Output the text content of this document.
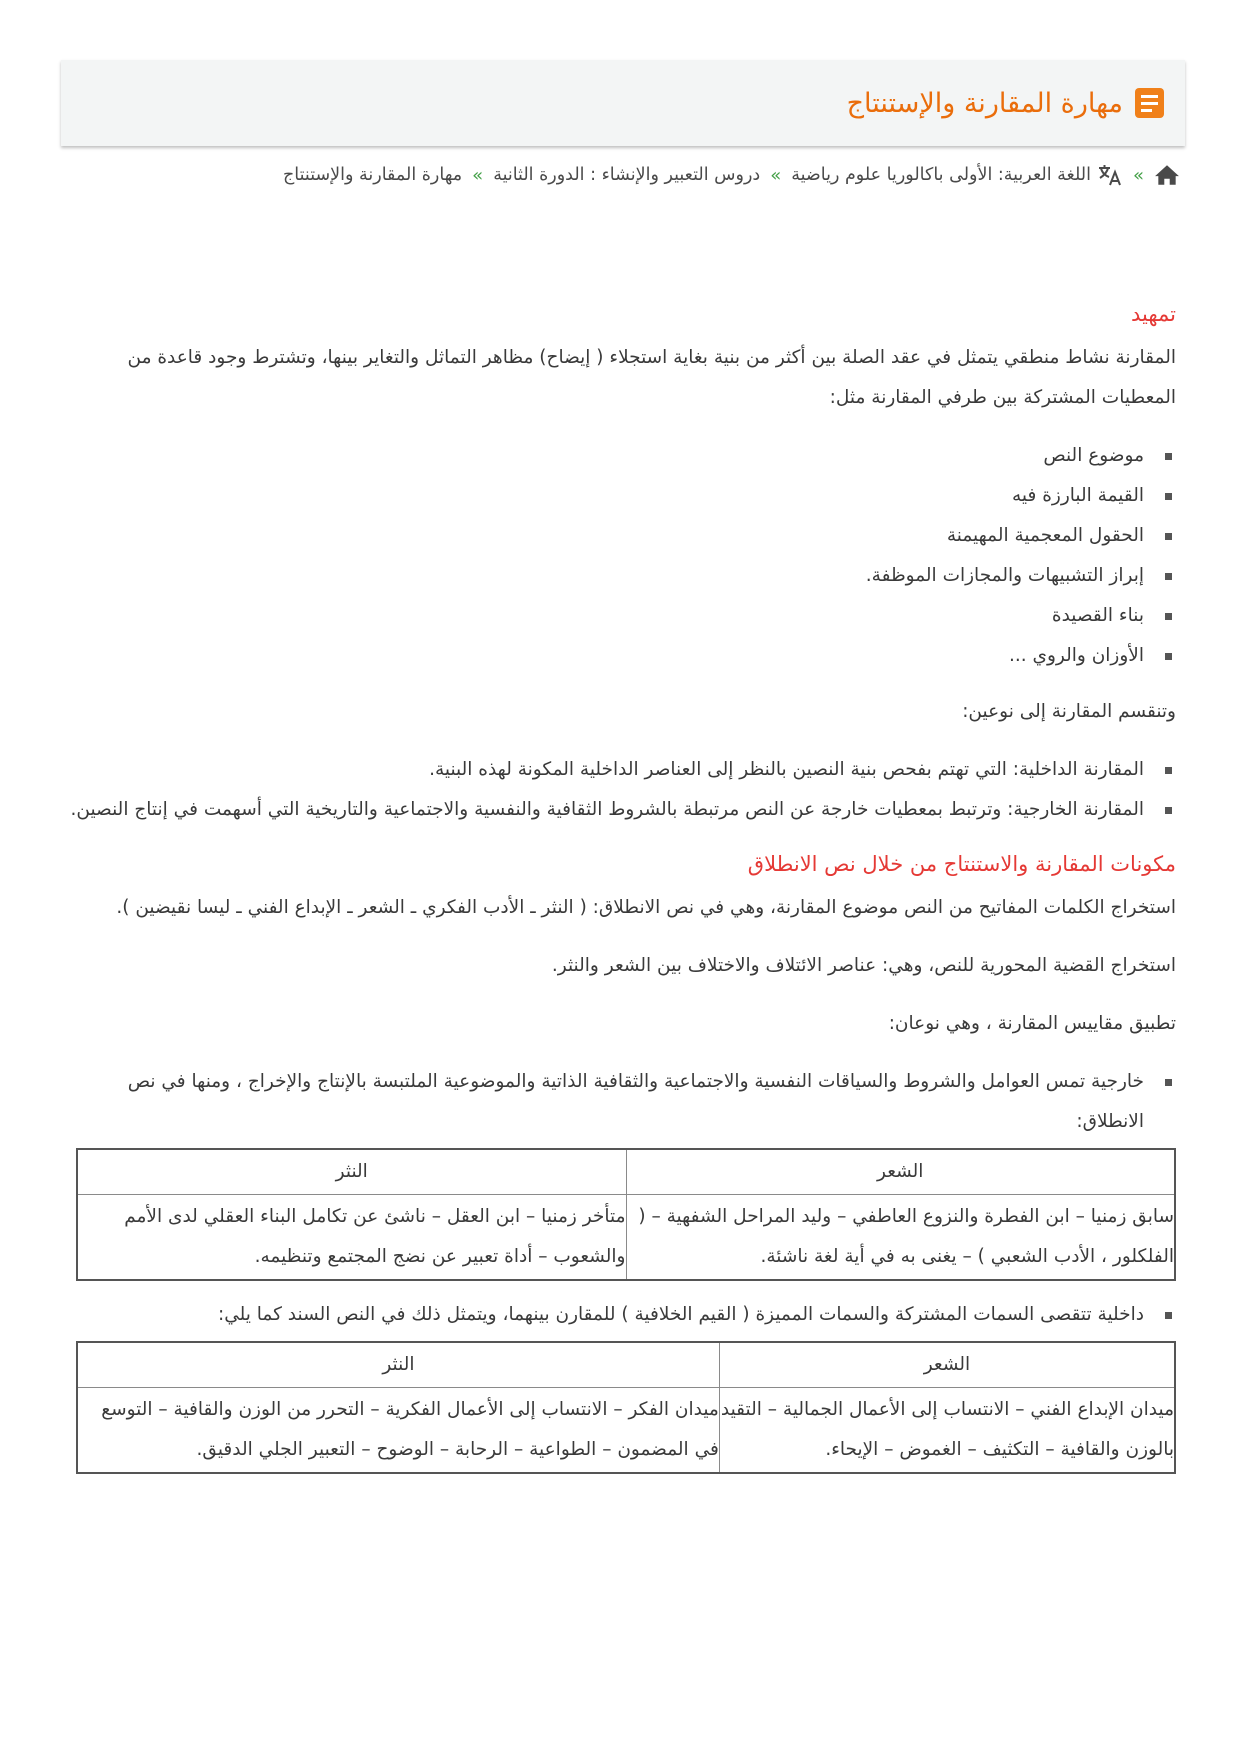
مهارة المقارنة والإستنتاج
»
اللغة العربية: الأولى باكالوريا علوم رياضية
»
دروس التعبير والإنشاء : الدورة الثانية
»
مهارة المقارنة والإستنتاج
تمهيد

المقارنة نشاط منطقي يتمثل في عقد الصلة بين أكثر من بنية بغاية استجلاء ( إيضاح) مظاهر التماثل والتغاير بينها، وتشترط وجود قاعدة من المعطيات المشتركة بين طرفي المقارنة مثل:

موضوع النص
القيمة البارزة فيه
الحقول المعجمية المهيمنة
إبراز التشبيهات والمجازات الموظفة.
بناء القصيدة
الأوزان والروي ...

وتنقسم المقارنة إلى نوعين:

المقارنة الداخلية: التي تهتم بفحص بنية النصين بالنظر إلى العناصر الداخلية المكونة لهذه البنية.
المقارنة الخارجية: وترتبط بمعطيات خارجة عن النص مرتبطة بالشروط الثقافية والنفسية والاجتماعية والتاريخية التي أسهمت في إنتاج النصين.
مكونات المقارنة والاستنتاج من خلال نص الانطلاق

استخراج الكلمات المفاتيح من النص موضوع المقارنة، وهي في نص الانطلاق: ( النثر ـ الأدب الفكري ـ الشعر ـ الإبداع الفني ـ ليسا نقيضين ).

استخراج القضية المحورية للنص، وهي: عناصر الائتلاف والاختلاف بين الشعر والنثر.

تطبيق مقاييس المقارنة ، وهي نوعان:

خارجية تمس العوامل والشروط والسياقات النفسية والاجتماعية والثقافية الذاتية والموضوعية الملتبسة بالإنتاج والإخراج ، ومنها في نص الانطلاق:
الشعر	النثر
سابق زمنيا – ابن الفطرة والنزوع العاطفي – وليد المراحل الشفهية – ( الفلكلور ، الأدب الشعبي ) – يغنى به في أية لغة ناشئة.	متأخر زمنيا – ابن العقل – ناشئ عن تكامل البناء العقلي لدى الأمم والشعوب – أداة تعبير عن نضج المجتمع وتنظيمه.
داخلية تتقصى السمات المشتركة والسمات المميزة ( القيم الخلافية ) للمقارن بينهما، ويتمثل ذلك في النص السند كما يلي:
الشعر	النثر
ميدان الإبداع الفني – الانتساب إلى الأعمال الجمالية – التقيد بالوزن والقافية – التكثيف – الغموض – الإيحاء.	ميدان الفكر – الانتساب إلى الأعمال الفكرية – التحرر من الوزن والقافية – التوسع في المضمون – الطواعية – الرحابة – الوضوح – التعبير الجلي الدقيق.
